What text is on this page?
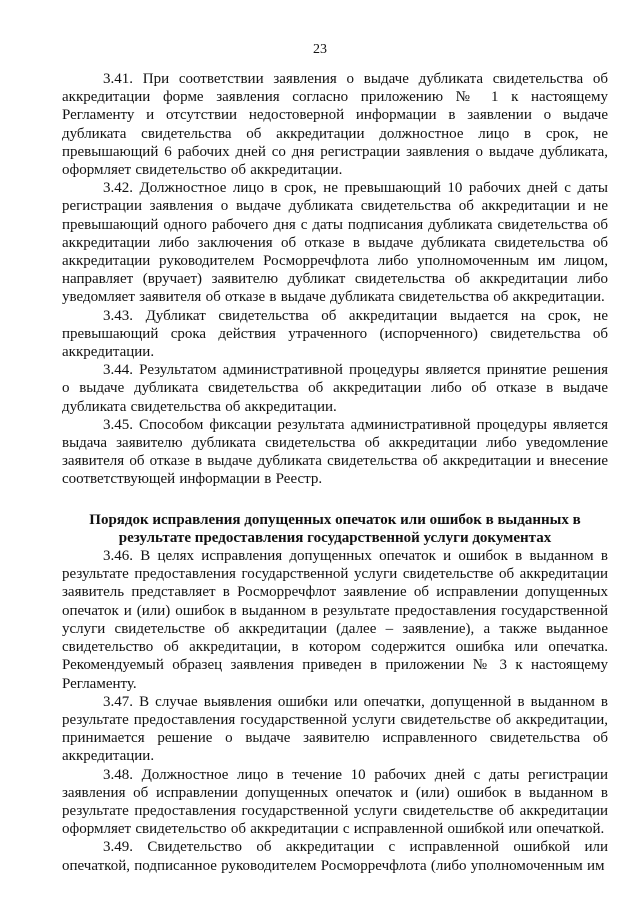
23

3.41. При соответствии заявления о выдаче дубликата свидетельства об аккредитации форме заявления согласно приложению № 1 к настоящему Регламенту и отсутствии недостоверной информации в заявлении о выдаче дубликата свидетельства об аккредитации должностное лицо в срок, не превышающий 6 рабочих дней со дня регистрации заявления о выдаче дубликата, оформляет свидетельство об аккредитации.

3.42. Должностное лицо в срок, не превышающий 10 рабочих дней с даты регистрации заявления о выдаче дубликата свидетельства об аккредитации и не превышающий одного рабочего дня с даты подписания дубликата свидетельства об аккредитации либо заключения об отказе в выдаче дубликата свидетельства об аккредитации руководителем Росморречфлота либо уполномоченным им лицом, направляет (вручает) заявителю дубликат свидетельства об аккредитации либо уведомляет заявителя об отказе в выдаче дубликата свидетельства об аккредитации.

3.43. Дубликат свидетельства об аккредитации выдается на срок, не превышающий срока действия утраченного (испорченного) свидетельства об аккредитации.

3.44. Результатом административной процедуры является принятие решения о выдаче дубликата свидетельства об аккредитации либо об отказе в выдаче дубликата свидетельства об аккредитации.

3.45. Способом фиксации результата административной процедуры является выдача заявителю дубликата свидетельства об аккредитации либо уведомление заявителя об отказе в выдаче дубликата свидетельства об аккредитации и внесение соответствующей информации в Реестр.

Порядок исправления допущенных опечаток или ошибок в выданных в результате предоставления государственной услуги документах

3.46. В целях исправления допущенных опечаток и ошибок в выданном в результате предоставления государственной услуги свидетельстве об аккредитации заявитель представляет в Росморречфлот заявление об исправлении допущенных опечаток и (или) ошибок в выданном в результате предоставления государственной услуги свидетельстве об аккредитации (далее – заявление), а также выданное свидетельство об аккредитации, в котором содержится ошибка или опечатка. Рекомендуемый образец заявления приведен в приложении № 3 к настоящему Регламенту.

3.47. В случае выявления ошибки или опечатки, допущенной в выданном в результате предоставления государственной услуги свидетельстве об аккредитации, принимается решение о выдаче заявителю исправленного свидетельства об аккредитации.

3.48. Должностное лицо в течение 10 рабочих дней с даты регистрации заявления об исправлении допущенных опечаток и (или) ошибок в выданном в результате предоставления государственной услуги свидетельстве об аккредитации оформляет свидетельство об аккредитации с исправленной ошибкой или опечаткой.

3.49. Свидетельство об аккредитации с исправленной ошибкой или опечаткой, подписанное руководителем Росморречфлота (либо уполномоченным им
